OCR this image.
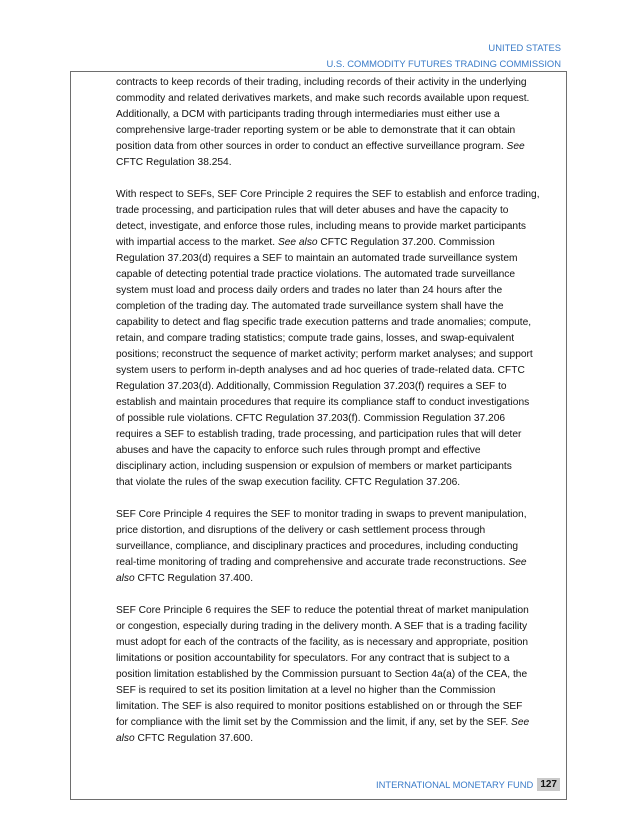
UNITED STATES
U.S. COMMODITY FUTURES TRADING COMMISSION
contracts to keep records of their trading, including records of their activity in the underlying
commodity and related derivatives markets, and make such records available upon request.
Additionally, a DCM with participants trading through intermediaries must either use a
comprehensive large-trader reporting system or be able to demonstrate that it can obtain
position data from other sources in order to conduct an effective surveillance program. See
CFTC Regulation 38.254.
With respect to SEFs, SEF Core Principle 2 requires the SEF to establish and enforce trading,
trade processing, and participation rules that will deter abuses and have the capacity to
detect, investigate, and enforce those rules, including means to provide market participants
with impartial access to the market. See also CFTC Regulation 37.200. Commission
Regulation 37.203(d) requires a SEF to maintain an automated trade surveillance system
capable of detecting potential trade practice violations. The automated trade surveillance
system must load and process daily orders and trades no later than 24 hours after the
completion of the trading day. The automated trade surveillance system shall have the
capability to detect and flag specific trade execution patterns and trade anomalies; compute,
retain, and compare trading statistics; compute trade gains, losses, and swap-equivalent
positions; reconstruct the sequence of market activity; perform market analyses; and support
system users to perform in-depth analyses and ad hoc queries of trade-related data. CFTC
Regulation 37.203(d). Additionally, Commission Regulation 37.203(f) requires a SEF to
establish and maintain procedures that require its compliance staff to conduct investigations
of possible rule violations. CFTC Regulation 37.203(f). Commission Regulation 37.206
requires a SEF to establish trading, trade processing, and participation rules that will deter
abuses and have the capacity to enforce such rules through prompt and effective
disciplinary action, including suspension or expulsion of members or market participants
that violate the rules of the swap execution facility. CFTC Regulation 37.206.
SEF Core Principle 4 requires the SEF to monitor trading in swaps to prevent manipulation,
price distortion, and disruptions of the delivery or cash settlement process through
surveillance, compliance, and disciplinary practices and procedures, including conducting
real-time monitoring of trading and comprehensive and accurate trade reconstructions. See
also CFTC Regulation 37.400.
SEF Core Principle 6 requires the SEF to reduce the potential threat of market manipulation
or congestion, especially during trading in the delivery month. A SEF that is a trading facility
must adopt for each of the contracts of the facility, as is necessary and appropriate, position
limitations or position accountability for speculators. For any contract that is subject to a
position limitation established by the Commission pursuant to Section 4a(a) of the CEA, the
SEF is required to set its position limitation at a level no higher than the Commission
limitation. The SEF is also required to monitor positions established on or through the SEF
for compliance with the limit set by the Commission and the limit, if any, set by the SEF. See
also CFTC Regulation 37.600.
INTERNATIONAL MONETARY FUND 127
